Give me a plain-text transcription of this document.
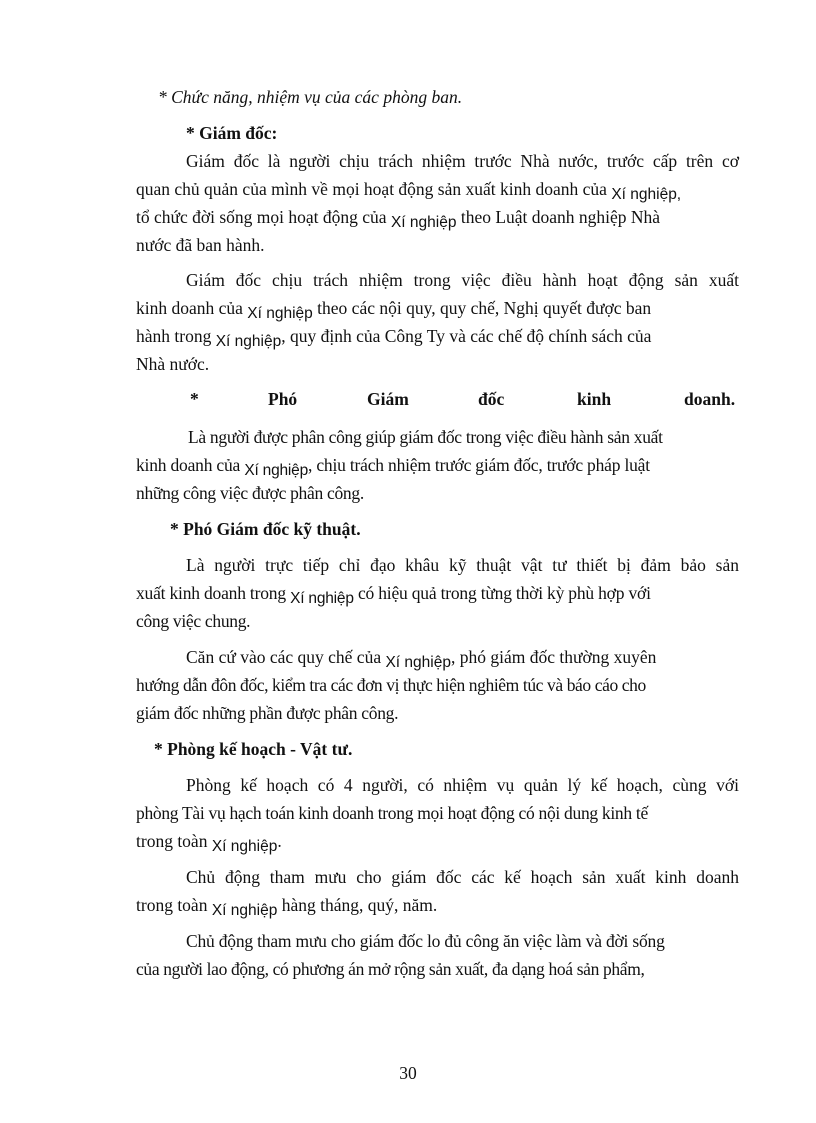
* Chức năng, nhiệm vụ của các phòng ban.
* Giám đốc:
Giám đốc là người chịu trách nhiệm trước Nhà nước, trước cấp trên cơ
quan chủ quản của mình về mọi hoạt động sản xuất kinh doanh của Xí nghiệp,
tổ chức đời sống mọi hoạt động của Xí nghiệp theo Luật doanh nghiệp Nhà
nước đã ban hành.
Giám đốc chịu trách nhiệm trong việc điều hành hoạt động sản xuất
kinh doanh của Xí nghiệp theo các nội quy, quy chế, Nghị quyết được ban
hành trong Xí nghiệp, quy định của Công Ty và các chế độ chính sách của
Nhà nước.
*	Phó	Giám	đốc	kinh	doanh.
Là người được phân công giúp giám đốc trong việc điều hành sản xuất
kinh doanh của Xí nghiệp, chịu trách nhiệm trước giám đốc, trước pháp luật
những công việc được phân công.
* Phó Giám đốc kỹ thuật.
Là người trực tiếp chỉ đạo khâu kỹ thuật vật tư thiết bị đảm bảo sản
xuất kinh doanh trong Xí nghiệp có hiệu quả trong từng thời kỳ phù hợp với
công việc chung.
Căn cứ vào các quy chế của Xí nghiệp, phó giám đốc thường xuyên
hướng dẫn đôn đốc, kiểm tra các đơn vị thực hiện nghiêm túc và báo cáo cho
giám đốc những phần được phân công.
* Phòng kế hoạch - Vật tư.
Phòng kế hoạch có 4 người, có nhiệm vụ quản lý kế hoạch, cùng với
phòng Tài vụ hạch toán kinh doanh trong mọi hoạt động có nội dung kinh tế
trong toàn Xí nghiệp.
Chủ động tham mưu cho giám đốc các kế hoạch sản xuất kinh doanh
trong toàn Xí nghiệp hàng tháng, quý, năm.
Chủ động tham mưu cho giám đốc lo đủ công ăn việc làm và đời sống
của người lao động, có phương án mở rộng sản xuất, đa dạng hoá sản phẩm,
30
